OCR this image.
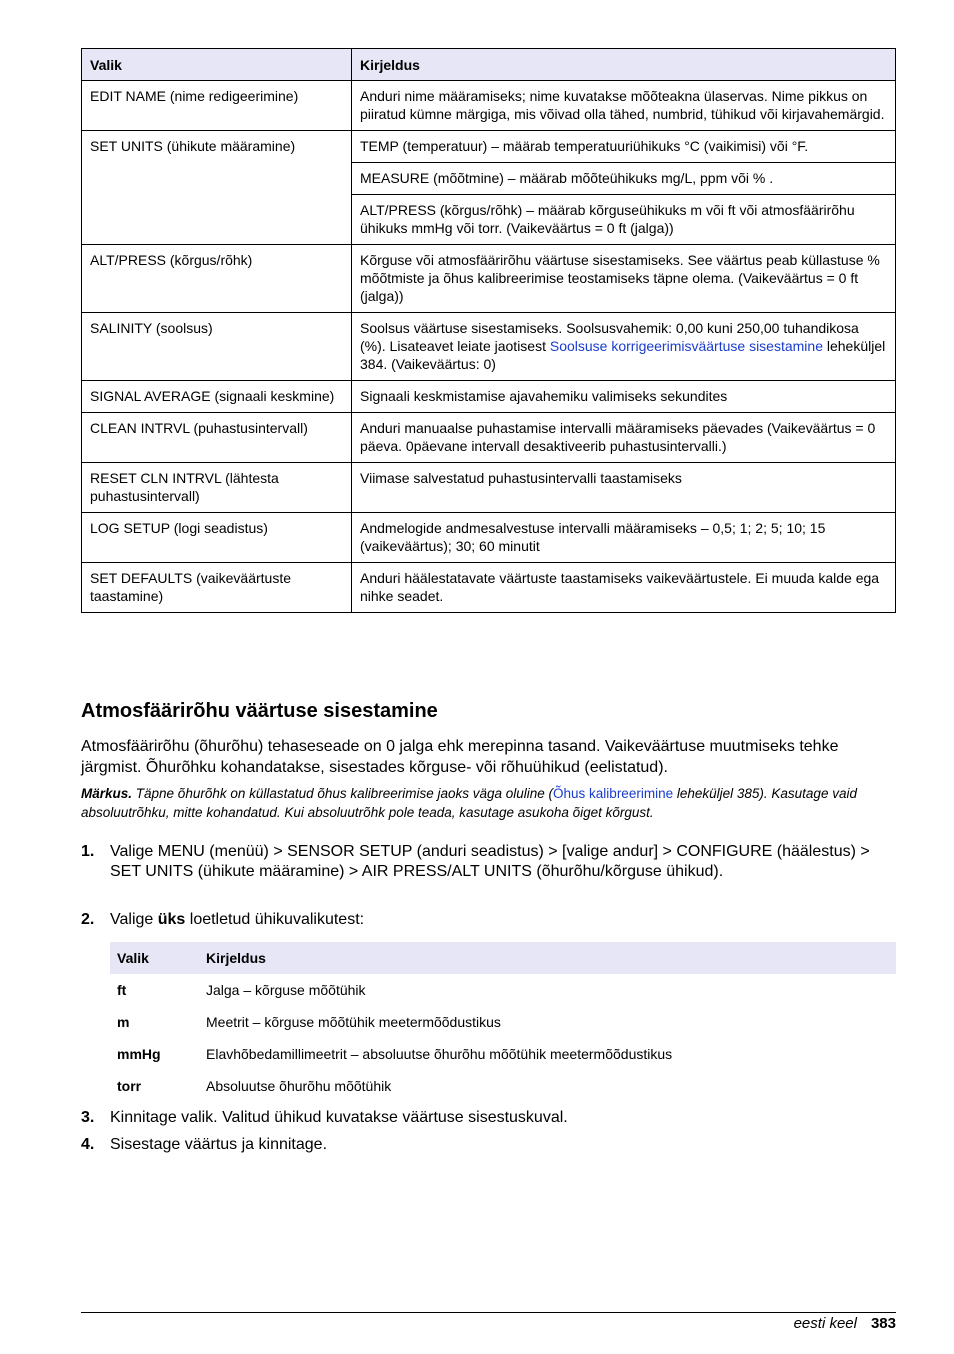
Valik	Kirjeldus
EDIT NAME (nime redigeerimine)	Anduri nime määramiseks; nime kuvatakse mõõteakna ülaservas. Nime pikkus on piiratud kümne märgiga, mis võivad olla tähed, numbrid, tühikud või kirjavahemärgid.
SET UNITS (ühikute määramine)	TEMP (temperatuur) – määrab temperatuuriühikuks °C (vaikimisi) või °F.
	MEASURE (mõõtmine) – määrab mõõteühikuks mg/L, ppm või % .
	ALT/PRESS (kõrgus/rõhk) – määrab kõrguseühikuks m või ft või atmosfäärirõhu ühikuks mmHg või torr. (Vaikeväärtus = 0 ft (jalga))
ALT/PRESS (kõrgus/rõhk)	Kõrguse või atmosfäärirõhu väärtuse sisestamiseks. See väärtus peab küllastuse % mõõtmiste ja õhus kalibreerimise teostamiseks täpne olema. (Vaikeväärtus = 0 ft (jalga))
SALINITY (soolsus)	Soolsus väärtuse sisestamiseks. Soolsusvahemik: 0,00 kuni 250,00 tuhandikosa (%). Lisateavet leiate jaotisest Soolsuse korrigeerimisväärtuse sisestamine leheküljel 384. (Vaikeväärtus: 0)
SIGNAL AVERAGE (signaali keskmine)	Signaali keskmistamise ajavahemiku valimiseks sekundites
CLEAN INTRVL (puhastusintervall)	Anduri manuaalse puhastamise intervalli määramiseks päevades (Vaikeväärtus = 0 päeva. 0päevane intervall desaktiveerib puhastusintervalli.)
RESET CLN INTRVL (lähtesta puhastusintervall)	Viimase salvestatud puhastusintervalli taastamiseks
LOG SETUP (logi seadistus)	Andmelogide andmesalvestuse intervalli määramiseks – 0,5; 1; 2; 5; 10; 15 (vaikeväärtus); 30; 60 minutit
SET DEFAULTS (vaikeväärtuste taastamine)	Anduri häälestatavate väärtuste taastamiseks vaikeväärtustele. Ei muuda kalde ega nihke seadet.
Atmosfäärirõhu väärtuse sisestamine
Atmosfäärirõhu (õhurõhu) tehaseseade on 0 jalga ehk merepinna tasand. Vaikeväärtuse muutmiseks tehke järgmist. Õhurõhku kohandatakse, sisestades kõrguse- või rõhuühikud (eelistatud).
Märkus. Täpne õhurõhk on küllastatud õhus kalibreerimise jaoks väga oluline (Õhus kalibreerimine leheküljel 385). Kasutage vaid absoluutrõhku, mitte kohandatud. Kui absoluutrõhk pole teada, kasutage asukoha õiget kõrgust.
1. Valige MENU (menüü) > SENSOR SETUP (anduri seadistus) > [valige andur] > CONFIGURE (häälestus) > SET UNITS (ühikute määramine) > AIR PRESS/ALT UNITS (õhurõhu/kõrguse ühikud).
2. Valige üks loetletud ühikuvalikutest:
Valik	Kirjeldus
ft	Jalga – kõrguse mõõtühik
m	Meetrit – kõrguse mõõtühik meetermõõdustikus
mmHg	Elavhõbedamillimeetrit – absoluutse õhurõhu mõõtühik meetermõõdustikus
torr	Absoluutse õhurõhu mõõtühik
3. Kinnitage valik. Valitud ühikud kuvatakse väärtuse sisestuskuval.
4. Sisestage väärtus ja kinnitage.
eesti keel 383
